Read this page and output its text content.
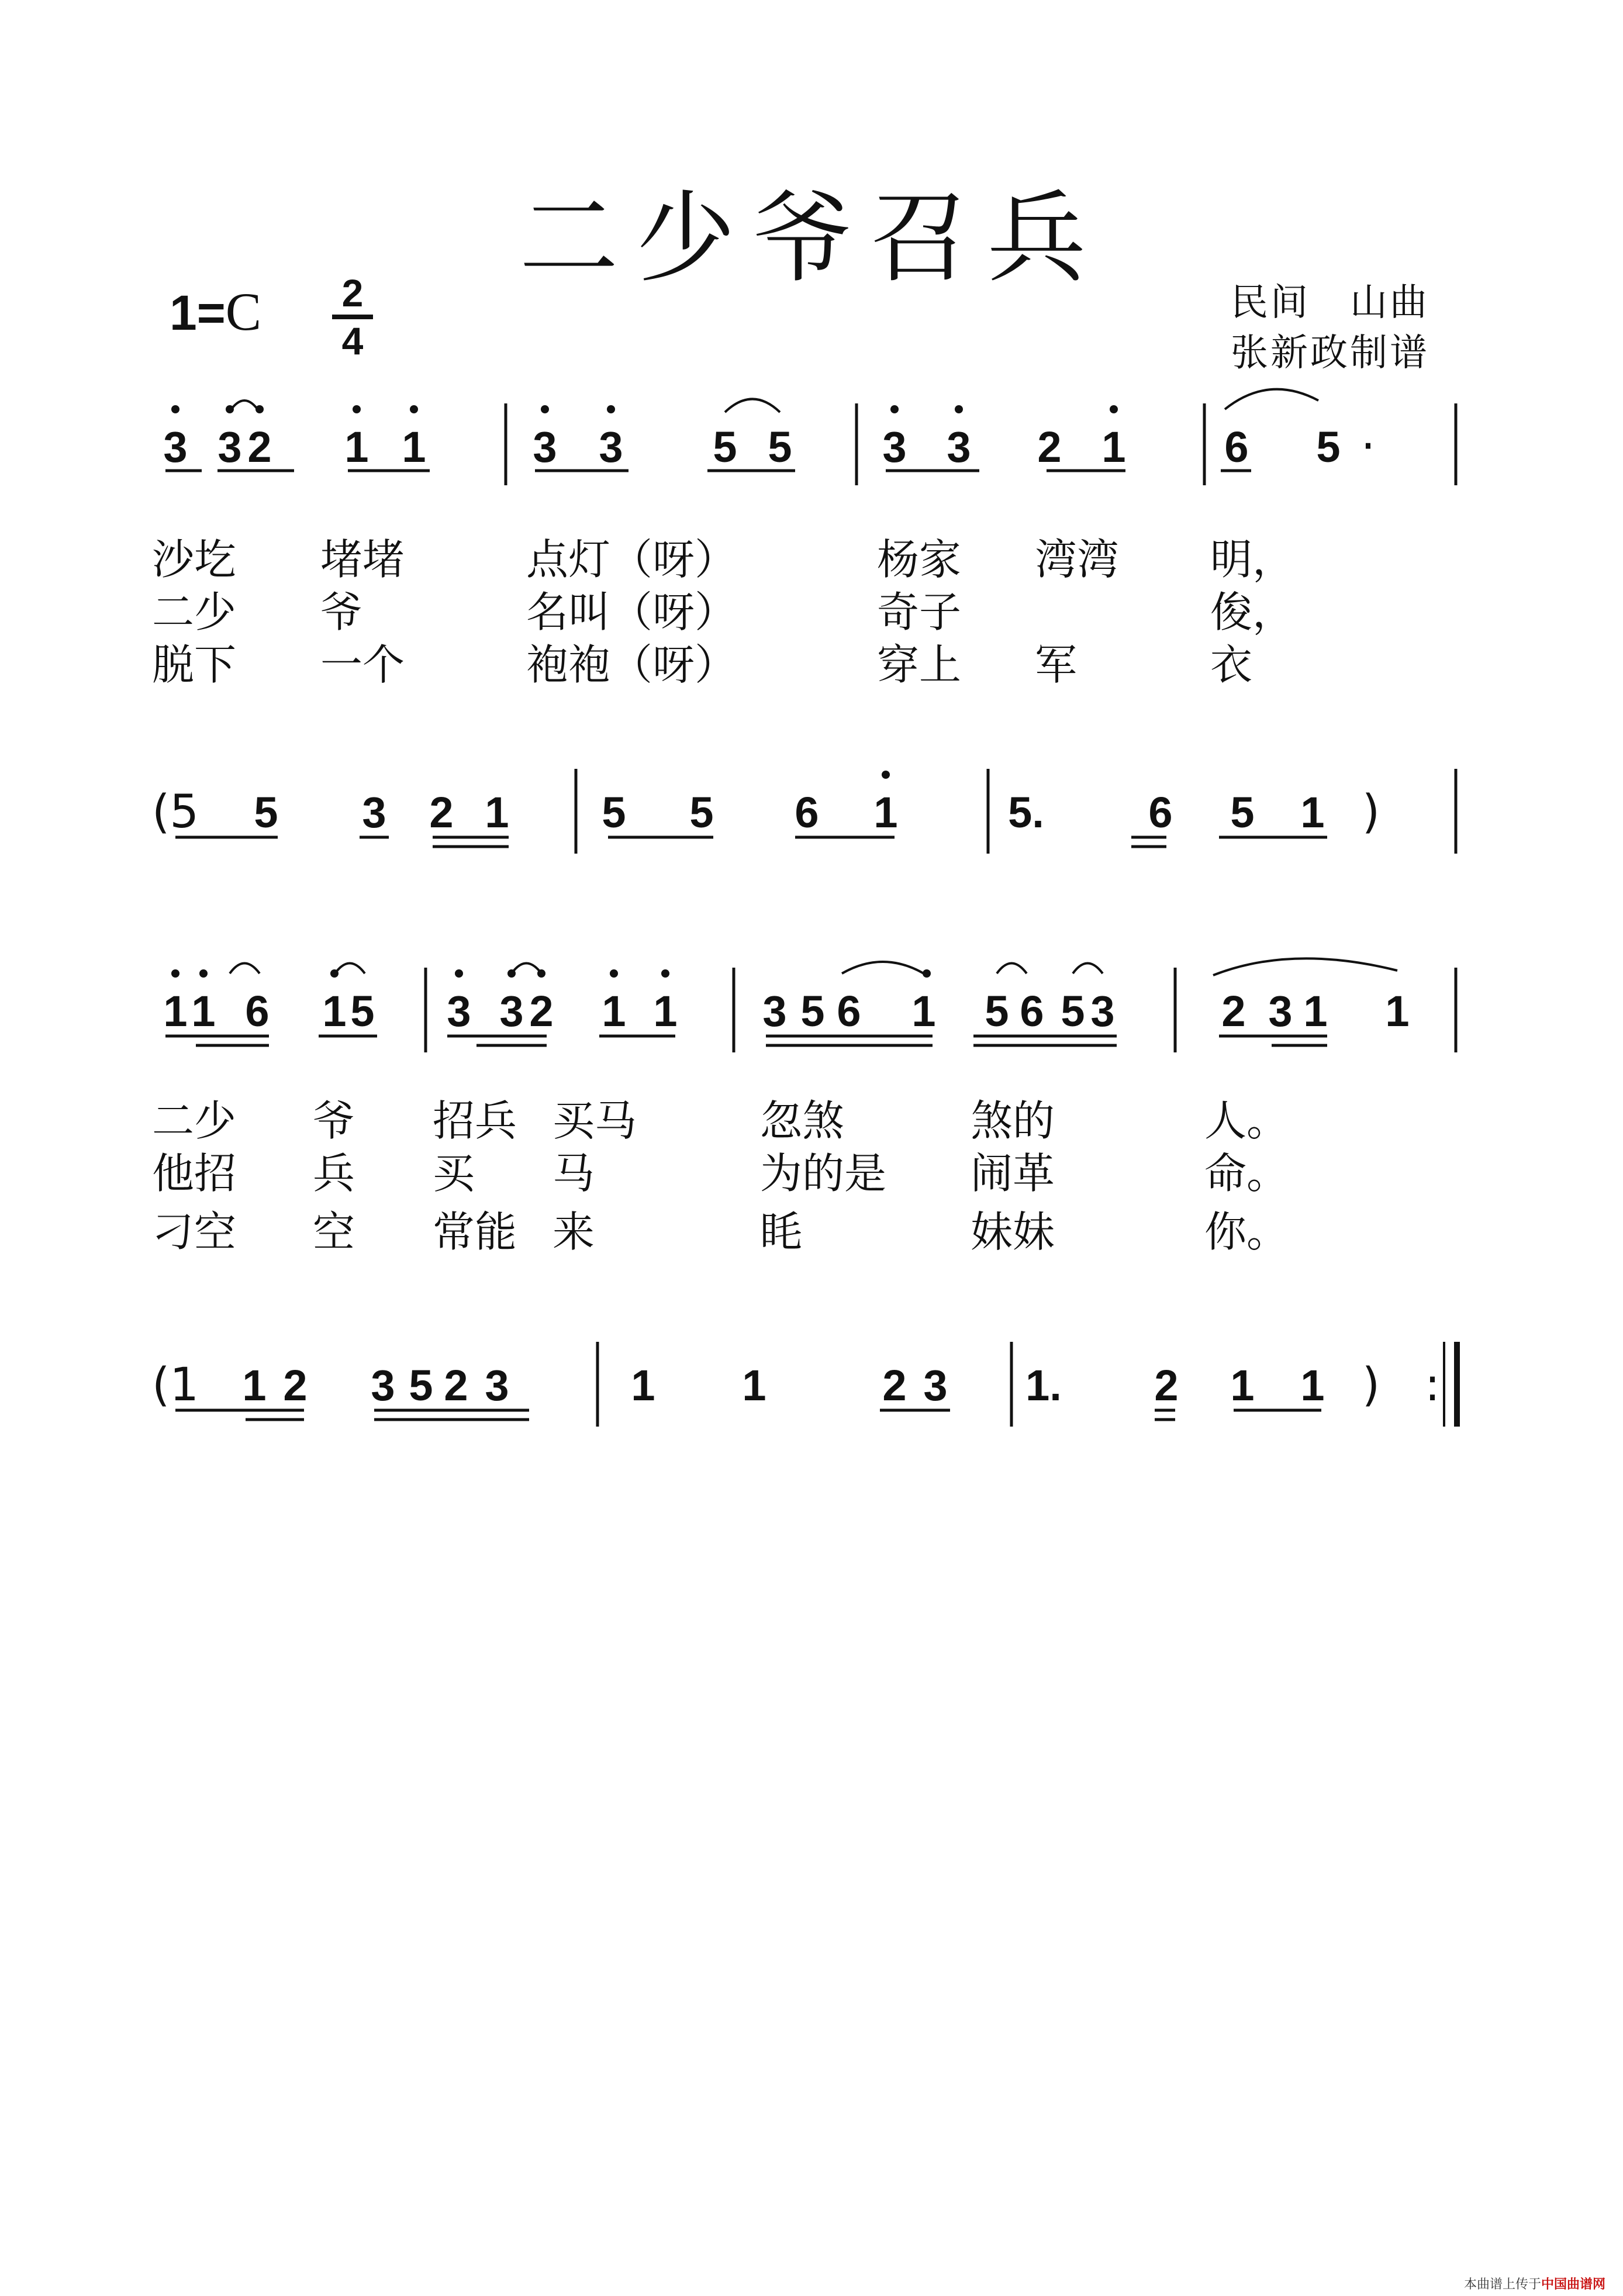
二少爷召兵
1=C 2
4
民间　山曲
张新政制谱
3 3 2 1 1 3 3 5 5 3 3 2 1 6 5 ·
(5 5 3 2 1 5 5 6 1	5. 6 5 1 )
1 1 6 1 5 3 3 2 1 1 3 5 6 1 5 6 5 3 2 3 1 1
(1 1 2 3 5 2 3	1 1	2 3 1. 2 1 1 ) :
沙圪 堵堵	点灯（呀）	杨家 湾湾 明，
二少 爷	名叫（呀）	奇子	俊，
脱下 一个	袍袍（呀）	穿上 军	衣
二少 爷 招兵 买马	忽煞	煞的	人。
他招 兵 买 马	为的是 闹革	命。
刁空 空 常能 来	眊	妹妹	你。
本曲谱上传于中国曲谱网
